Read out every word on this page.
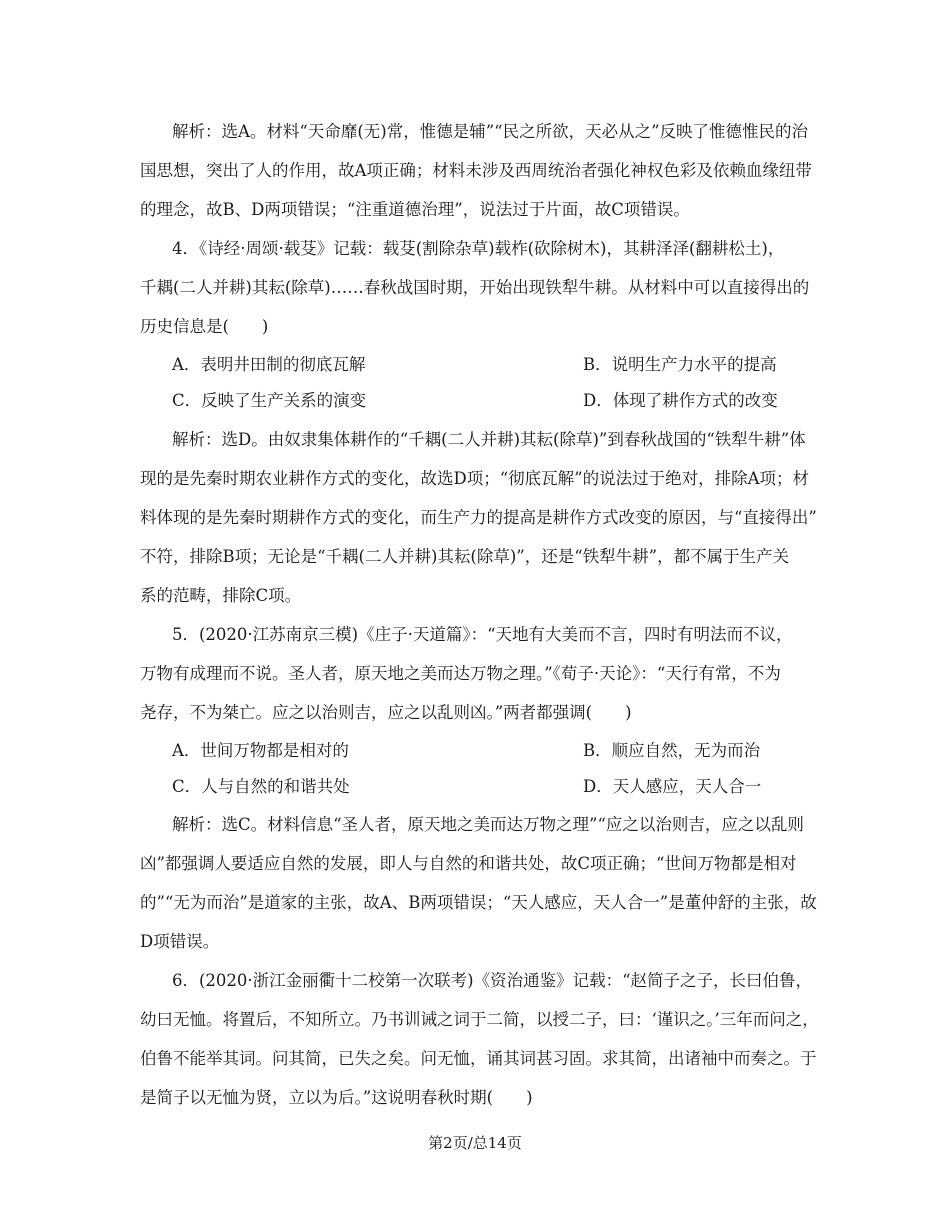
解析：选A。材料“天命靡(无)常，惟德是辅”“民之所欲，天必从之”反映了惟德惟民的治
国思想，突出了人的作用，故A项正确；材料未涉及西周统治者强化神权色彩及依赖血缘纽带
的理念，故B、D两项错误；“注重道德治理”，说法过于片面，故C项错误。
4．《诗经·周颂·载芟》记载：载芟(割除杂草)载柞(砍除树木)，其耕泽泽(翻耕松土)，
千耦(二人并耕)其耘(除草)……春秋战国时期，开始出现铁犁牛耕。从材料中可以直接得出的
历史信息是(　　)
A．表明井田制的彻底瓦解	B．说明生产力水平的提高
C．反映了生产关系的演变	D．体现了耕作方式的改变
解析：选D。由奴隶集体耕作的“千耦(二人并耕)其耘(除草)”到春秋战国的“铁犁牛耕”体
现的是先秦时期农业耕作方式的变化，故选D项；“彻底瓦解”的说法过于绝对，排除A项；材
料体现的是先秦时期耕作方式的变化，而生产力的提高是耕作方式改变的原因，与“直接得出”
不符，排除B项；无论是“千耦(二人并耕)其耘(除草)”，还是“铁犁牛耕”，都不属于生产关
系的范畴，排除C项。
5．(2020·江苏南京三模)《庄子·天道篇》：“天地有大美而不言，四时有明法而不议，
万物有成理而不说。圣人者，原天地之美而达万物之理。”《荀子·天论》：“天行有常，不为
尧存，不为桀亡。应之以治则吉，应之以乱则凶。”两者都强调(　　)
A．世间万物都是相对的	B．顺应自然，无为而治
C．人与自然的和谐共处	D．天人感应，天人合一
解析：选C。材料信息“圣人者，原天地之美而达万物之理”“应之以治则吉，应之以乱则
凶”都强调人要适应自然的发展，即人与自然的和谐共处，故C项正确；“世间万物都是相对
的”“无为而治”是道家的主张，故A、B两项错误；“天人感应，天人合一”是董仲舒的主张，故
D项错误。
6．(2020·浙江金丽衢十二校第一次联考)《资治通鉴》记载：“赵简子之子，长曰伯鲁，
幼曰无恤。将置后，不知所立。乃书训诫之词于二简，以授二子，曰：‘谨识之。’三年而问之，
伯鲁不能举其词。问其简，已失之矣。问无恤，诵其词甚习固。求其简，出诸袖中而奏之。于
是简子以无恤为贤，立以为后。”这说明春秋时期(　　)
第2页/总14页
